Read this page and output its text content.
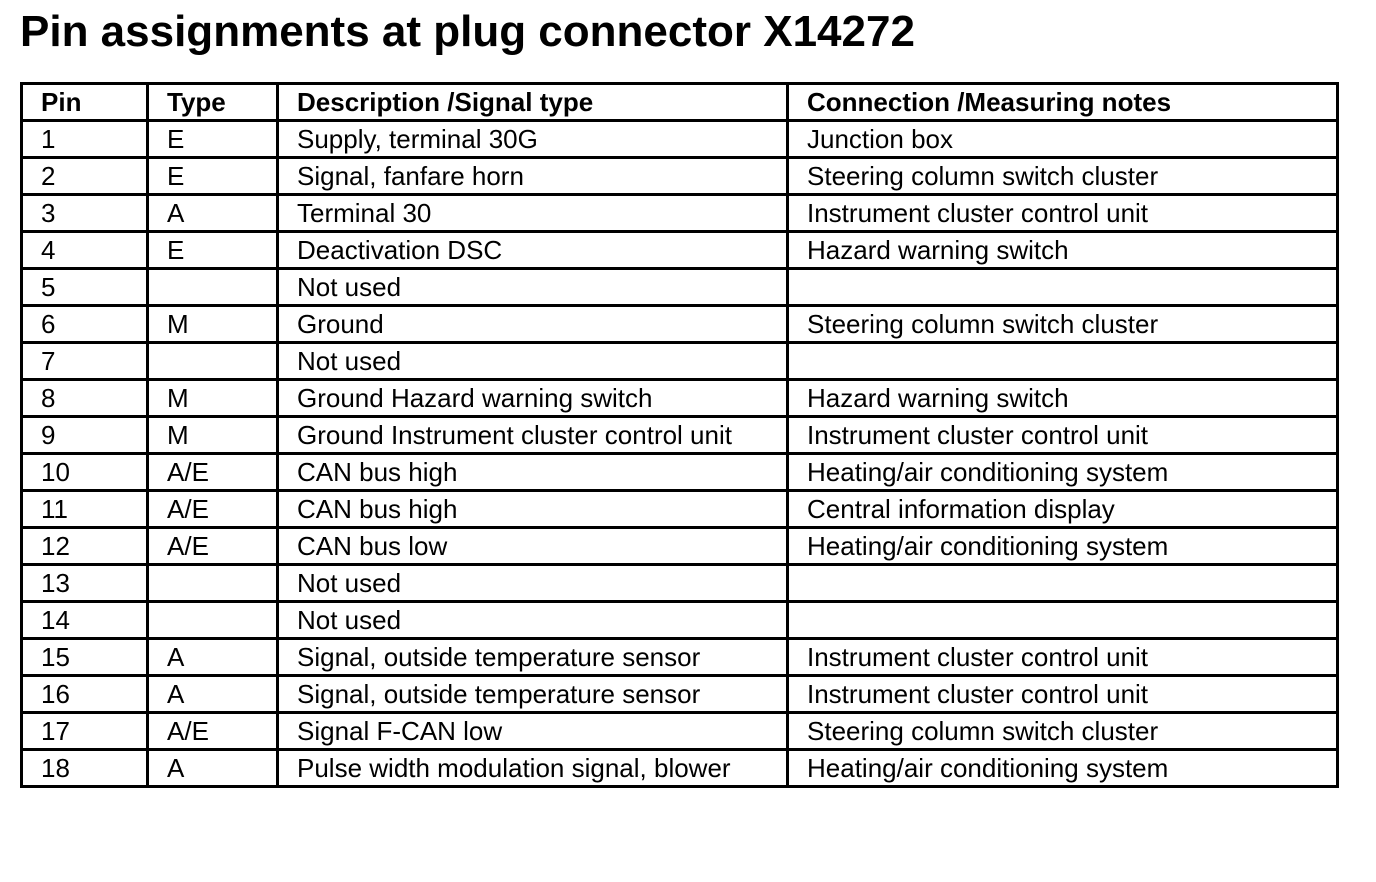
Pin assignments at plug connector X14272
Pin	Type	Description /Signal type	Connection /Measuring notes
1	E	Supply, terminal 30G	Junction box
2	E	Signal, fanfare horn	Steering column switch cluster
3	A	Terminal 30	Instrument cluster control unit
4	E	Deactivation DSC	Hazard warning switch
5		Not used	
6	M	Ground	Steering column switch cluster
7		Not used	
8	M	Ground Hazard warning switch	Hazard warning switch
9	M	Ground Instrument cluster control unit	Instrument cluster control unit
10	A/E	CAN bus high	Heating/air conditioning system
11	A/E	CAN bus high	Central information display
12	A/E	CAN bus low	Heating/air conditioning system
13		Not used	
14		Not used	
15	A	Signal, outside temperature sensor	Instrument cluster control unit
16	A	Signal, outside temperature sensor	Instrument cluster control unit
17	A/E	Signal F-CAN low	Steering column switch cluster
18	A	Pulse width modulation signal, blower	Heating/air conditioning system
